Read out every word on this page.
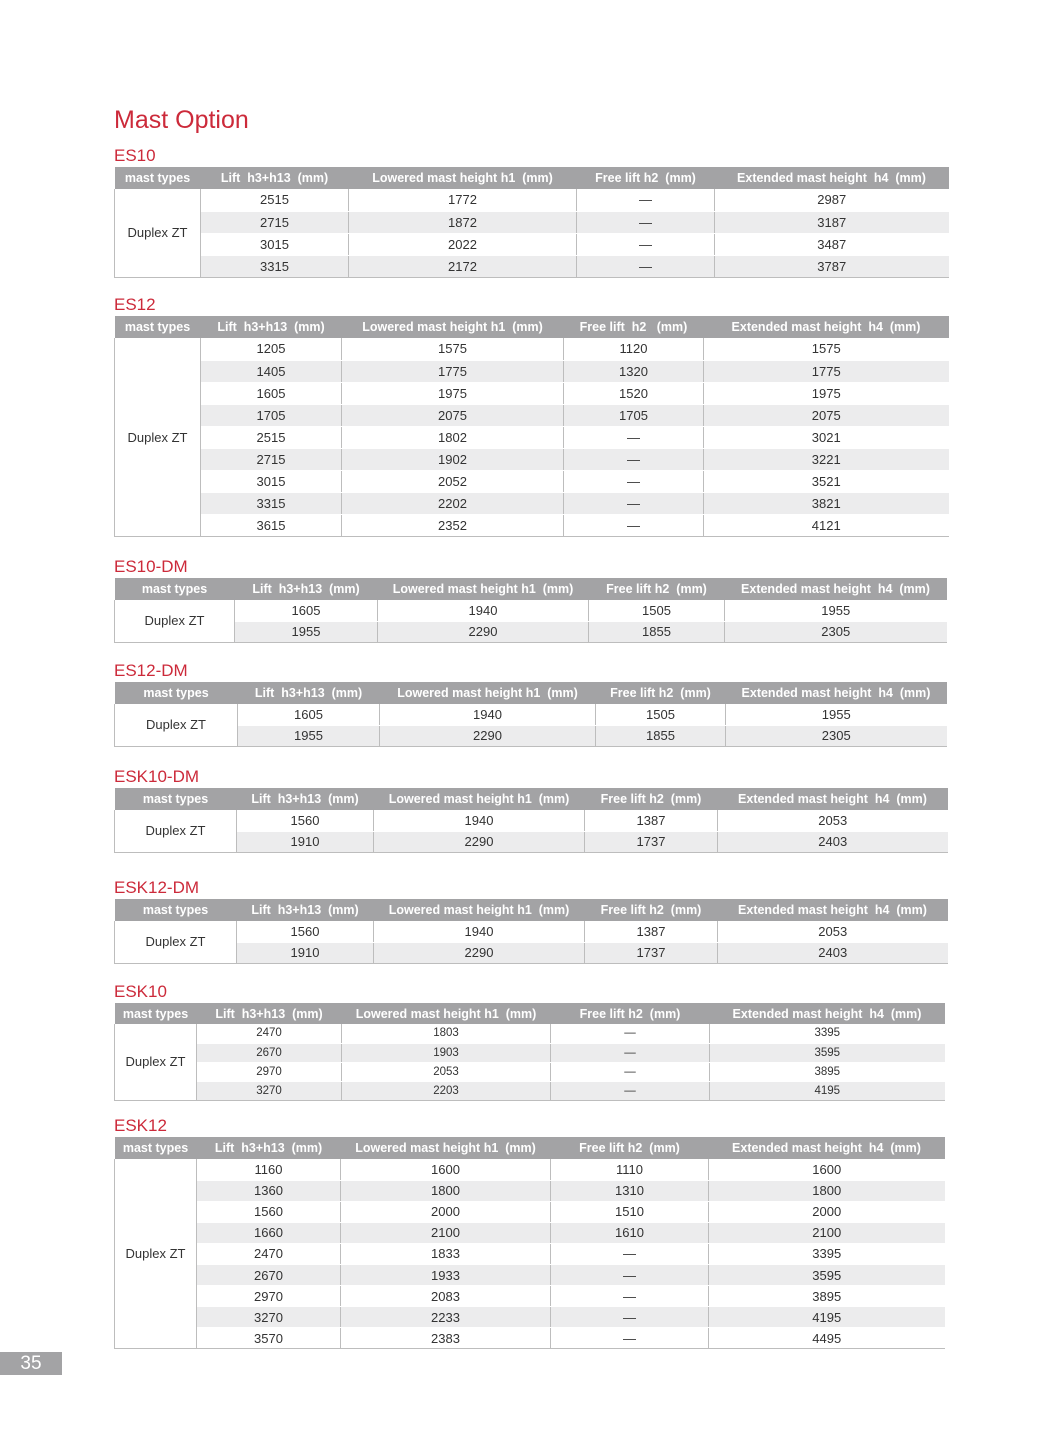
Mast Option
ES10
mast types	Lift  h3+h13  (mm)	Lowered mast height h1  (mm)	Free lift h2  (mm)	Extended mast height  h4  (mm)
Duplex ZT	2515	1772	—	2987
	2715	1872	—	3187
	3015	2022	—	3487
	3315	2172	—	3787
ES12
mast types	Lift  h3+h13  (mm)	Lowered mast height h1  (mm)	Free lift  h2   (mm)	Extended mast height  h4  (mm)
Duplex ZT	1205	1575	1120	1575
	1405	1775	1320	1775
	1605	1975	1520	1975
	1705	2075	1705	2075
	2515	1802	—	3021
	2715	1902	—	3221
	3015	2052	—	3521
	3315	2202	—	3821
	3615	2352	—	4121
ES10-DM
mast types	Lift  h3+h13  (mm)	Lowered mast height h1  (mm)	Free lift h2  (mm)	Extended mast height  h4  (mm)
Duplex ZT	1605	1940	1505	1955
	1955	2290	1855	2305
ES12-DM
mast types	Lift  h3+h13  (mm)	Lowered mast height h1  (mm)	Free lift h2  (mm)	Extended mast height  h4  (mm)
Duplex ZT	1605	1940	1505	1955
	1955	2290	1855	2305
ESK10-DM
mast types	Lift  h3+h13  (mm)	Lowered mast height h1  (mm)	Free lift h2  (mm)	Extended mast height  h4  (mm)
Duplex ZT	1560	1940	1387	2053
	1910	2290	1737	2403
ESK12-DM
mast types	Lift  h3+h13  (mm)	Lowered mast height h1  (mm)	Free lift h2  (mm)	Extended mast height  h4  (mm)
Duplex ZT	1560	1940	1387	2053
	1910	2290	1737	2403
ESK10
mast types	Lift  h3+h13  (mm)	Lowered mast height h1  (mm)	Free lift h2  (mm)	Extended mast height  h4  (mm)
Duplex ZT	2470	1803	—	3395
	2670	1903	—	3595
	2970	2053	—	3895
	3270	2203	—	4195
ESK12
mast types	Lift  h3+h13  (mm)	Lowered mast height h1  (mm)	Free lift h2  (mm)	Extended mast height  h4  (mm)
Duplex ZT	1160	1600	1110	1600
	1360	1800	1310	1800
	1560	2000	1510	2000
	1660	2100	1610	2100
	2470	1833	—	3395
	2670	1933	—	3595
	2970	2083	—	3895
	3270	2233	—	4195
	3570	2383	—	4495
35
